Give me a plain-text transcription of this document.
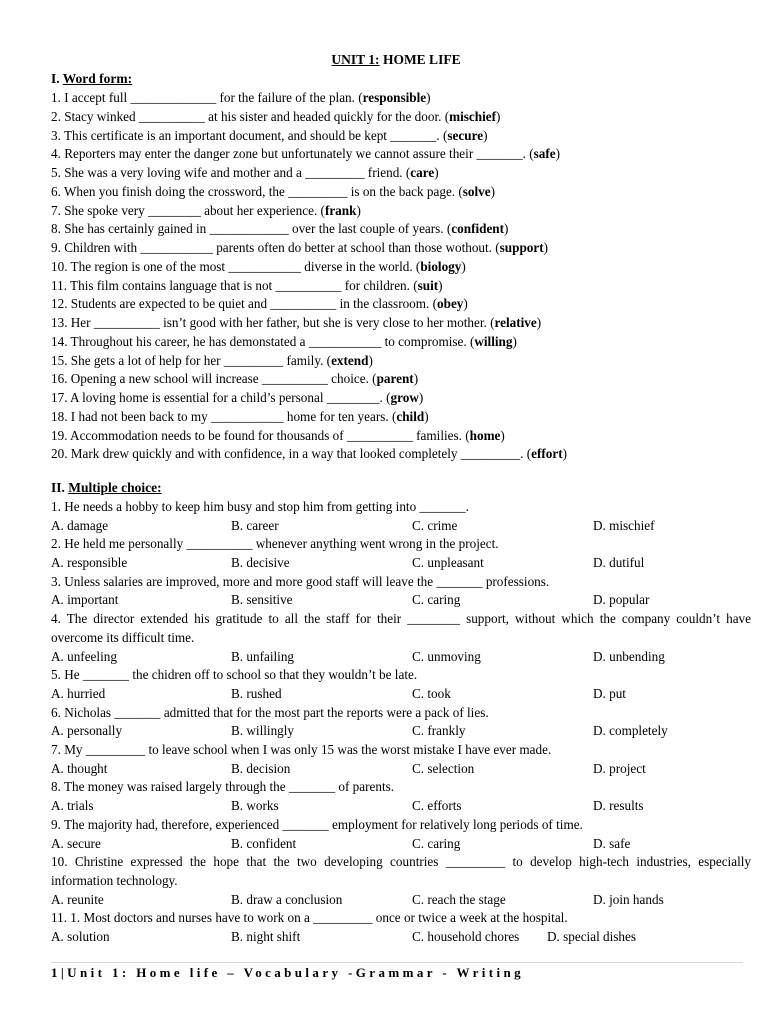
UNIT 1: HOME LIFE
I. Word form:
1. I accept full _____________ for the failure of the plan. (responsible)
2. Stacy winked __________ at his sister and headed quickly for the door. (mischief)
3. This certificate is an important document, and should be kept _______. (secure)
4. Reporters may enter the danger zone but unfortunately we cannot assure their _______. (safe)
5. She was a very loving wife and mother and a _________ friend. (care)
6. When you finish doing the crossword, the _________ is on the back page. (solve)
7. She spoke very ________ about her experience. (frank)
8. She has certainly gained in ____________ over the last couple of years. (confident)
9. Children with ___________ parents often do better at school than those wothout. (support)
10. The region is one of the most ___________ diverse in the world. (biology)
11. This film contains language that is not __________ for children. (suit)
12. Students are expected to be quiet and __________ in the classroom. (obey)
13. Her __________ isn’t good with her father, but she is very close to her mother. (relative)
14. Throughout his career, he has demonstated a ___________ to compromise. (willing)
15. She gets a lot of help for her _________ family. (extend)
16. Opening a new school will increase __________ choice. (parent)
17. A loving home is essential for a child’s personal ________. (grow)
18. I had not been back to my ___________ home for ten years. (child)
19. Accommodation needs to be found for thousands of __________ families. (home)
20. Mark drew quickly and with confidence, in a way that looked completely _________. (effort)
II. Multiple choice:
1. He needs a hobby to keep him busy and stop him from getting into _______.
A. damage	B. career	C. crime	D. mischief
2. He held me personally __________ whenever anything went wrong in the project.
A. responsible	B. decisive	C. unpleasant	D. dutiful
3. Unless salaries are improved, more and more good staff will leave the _______ professions.
A. important	B. sensitive	C. caring	D. popular
4. The director extended his gratitude to all the staff for their ________ support, without which the company couldn’t have overcome its difficult time.
A. unfeeling	B. unfailing	C. unmoving	D. unbending
5. He _______ the chidren off to school so that they wouldn’t be late.
A. hurried	B. rushed	C. took	D. put
6. Nicholas _______ admitted that for the most part the reports were a pack of lies.
A. personally	B. willingly	C. frankly	D. completely
7. My _________ to leave school when I was only 15 was the worst mistake I have ever made.
A. thought	B. decision	C. selection	D. project
8. The money was raised largely through the _______ of parents.
A. trials	B. works	C. efforts	D. results
9. The majority had, therefore, experienced _______ employment for relatively long periods of time.
A. secure	B. confident	C. caring	D. safe
10. Christine expressed the hope that the two developing countries _________ to develop high-tech industries, especially information technology.
A. reunite	B. draw a conclusion	C. reach the stage	D. join hands
11. 1. Most doctors and nurses have to work on a _________ once or twice a week at the hospital.
A. solution	B. night shift	C. household chores D. special dishes
1|Unit 1: Home life – Vocabulary -Grammar - Writing
